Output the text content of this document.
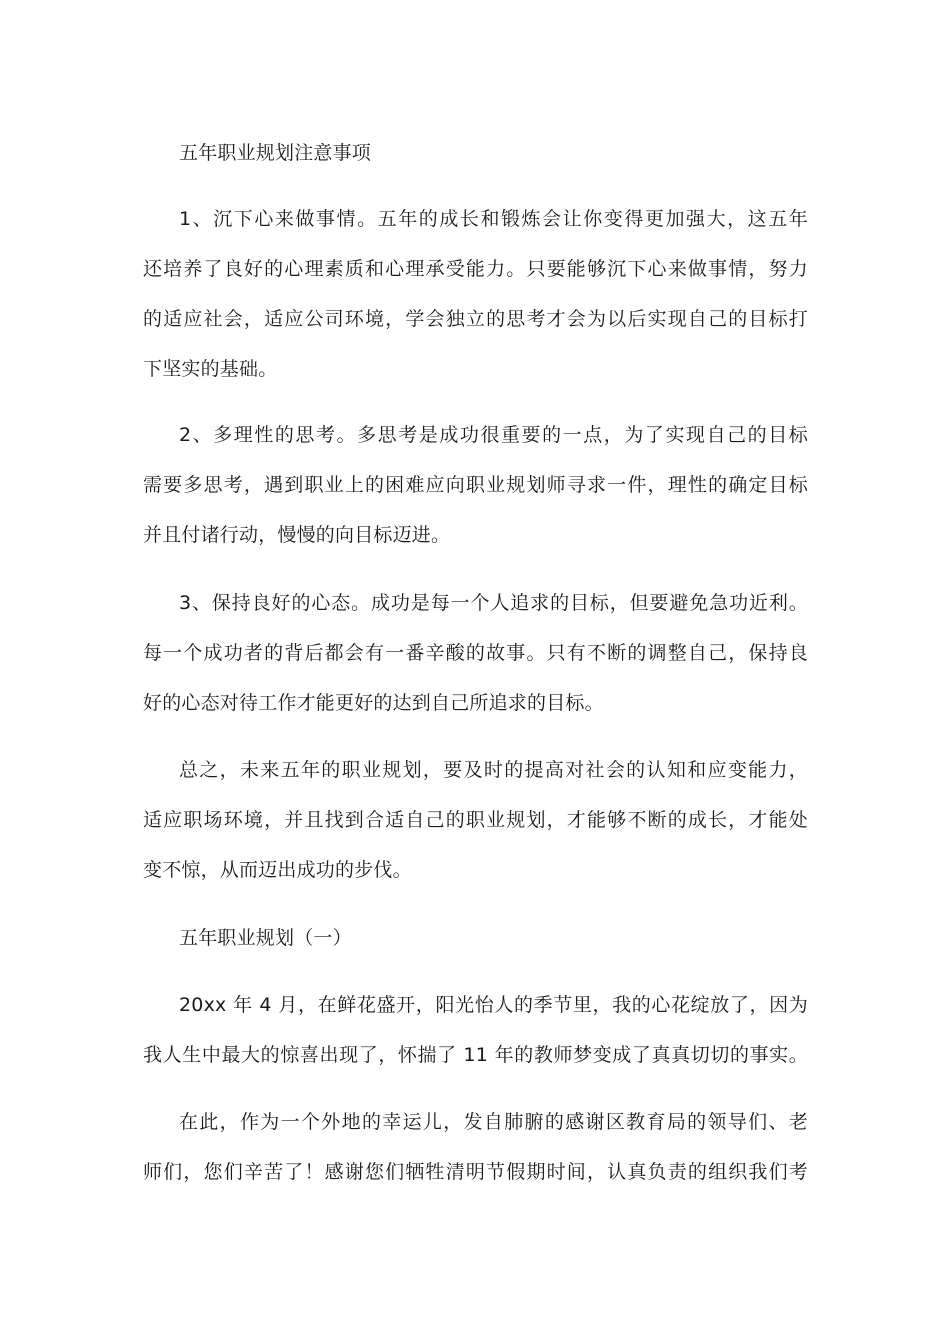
五年职业规划注意事项
1、沉下心来做事情。五年的成长和锻炼会让你变得更加强大，这五年
还培养了良好的心理素质和心理承受能力。只要能够沉下心来做事情，努力
的适应社会，适应公司环境，学会独立的思考才会为以后实现自己的目标打
下坚实的基础。
2、多理性的思考。多思考是成功很重要的一点，为了实现自己的目标
需要多思考，遇到职业上的困难应向职业规划师寻求一件，理性的确定目标
并且付诸行动，慢慢的向目标迈进。
3、保持良好的心态。成功是每一个人追求的目标，但要避免急功近利。
每一个成功者的背后都会有一番辛酸的故事。只有不断的调整自己，保持良
好的心态对待工作才能更好的达到自己所追求的目标。
总之，未来五年的职业规划，要及时的提高对社会的认知和应变能力，
适应职场环境，并且找到合适自己的职业规划，才能够不断的成长，才能处
变不惊，从而迈出成功的步伐。
五年职业规划（一）
20xx 年 4 月，在鲜花盛开，阳光怡人的季节里，我的心花绽放了，因为
我人生中最大的惊喜出现了，怀揣了 11 年的教师梦变成了真真切切的事实。
在此，作为一个外地的幸运儿，发自肺腑的感谢区教育局的领导们、老
师们，您们辛苦了！感谢您们牺牲清明节假期时间，认真负责的组织我们考
